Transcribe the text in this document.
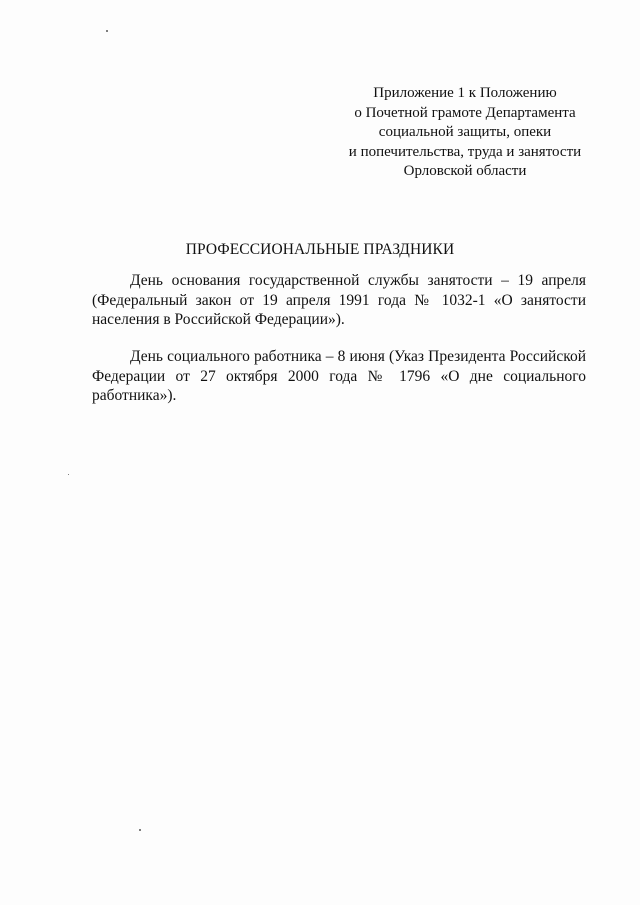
Приложение 1 к Положению
о Почетной грамоте Департамента
социальной защиты, опеки
и попечительства, труда и занятости
Орловской области
ПРОФЕССИОНАЛЬНЫЕ ПРАЗДНИКИ

День основания государственной службы занятости – 19 апреля (Федеральный закон от 19 апреля 1991 года № 1032-1 «О занятости населения в Российской Федерации»).

День социального работника – 8 июня (Указ Президента Российской Федерации от 27 октября 2000 года № 1796 «О дне социального работника»).
